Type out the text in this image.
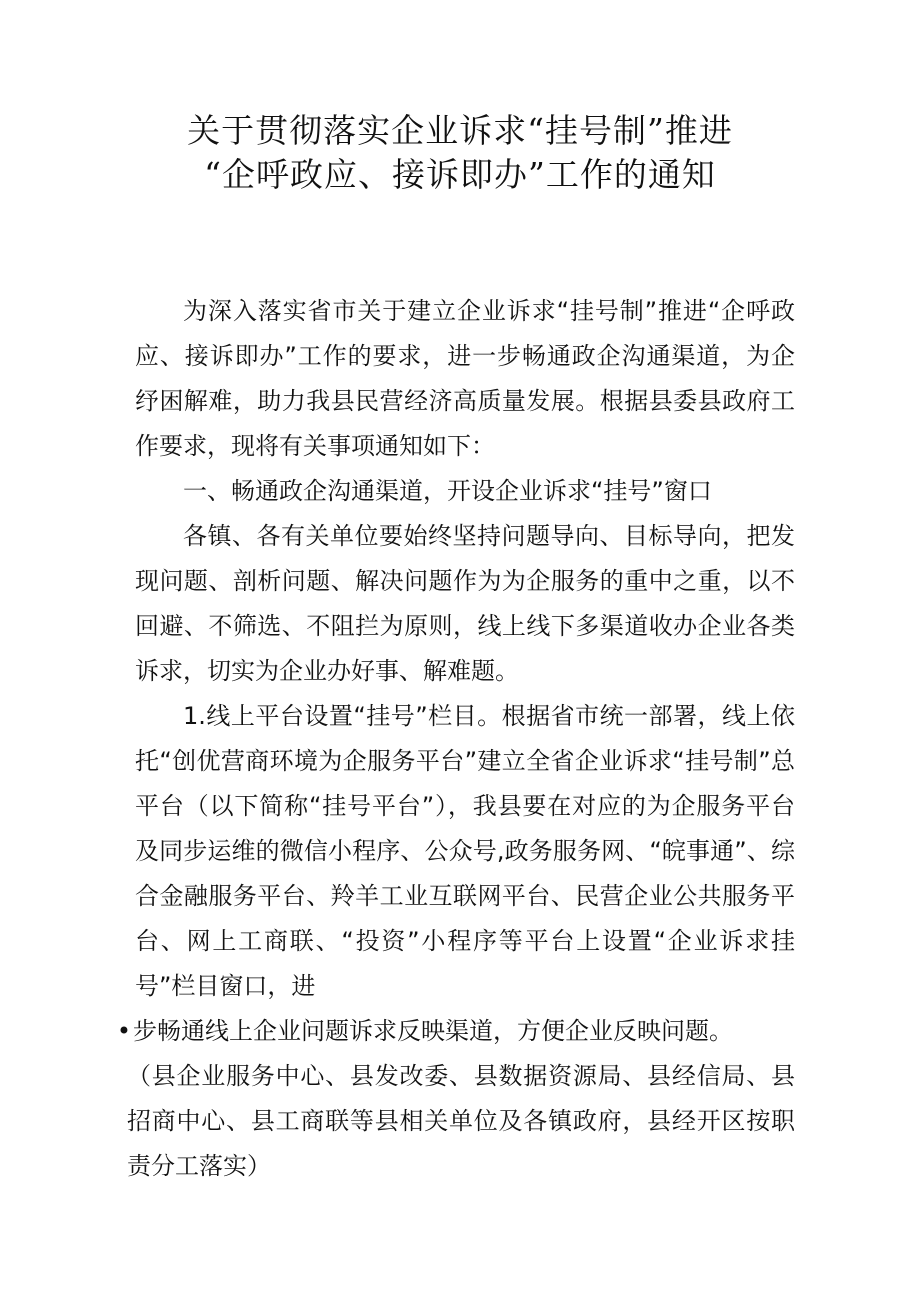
关于贯彻落实企业诉求“挂号制”推进
“企呼政应、接诉即办”工作的通知

为深入落实省市关于建立企业诉求“挂号制”推进“企呼政应、接诉即办”工作的要求，进一步畅通政企沟通渠道，为企纾困解难，助力我县民营经济高质量发展。根据县委县政府工作要求，现将有关事项通知如下：

一、畅通政企沟通渠道，开设企业诉求“挂号”窗口

各镇、各有关单位要始终坚持问题导向、目标导向，把发现问题、剖析问题、解决问题作为为企服务的重中之重，以不回避、不筛选、不阻拦为原则，线上线下多渠道收办企业各类诉求，切实为企业办好事、解难题。

1.线上平台设置“挂号”栏目。根据省市统一部署，线上依托“创优营商环境为企服务平台”建立全省企业诉求“挂号制”总平台（以下简称“挂号平台”），我县要在对应的为企服务平台及同步运维的微信小程序、公众号,政务服务网、“皖事通”、综合金融服务平台、羚羊工业互联网平台、民营企业公共服务平台、网上工商联、“投资”小程序等平台上设置“企业诉求挂号”栏目窗口，进

•步畅通线上企业问题诉求反映渠道，方便企业反映问题。

（县企业服务中心、县发改委、县数据资源局、县经信局、县招商中心、县工商联等县相关单位及各镇政府，县经开区按职责分工落实）
